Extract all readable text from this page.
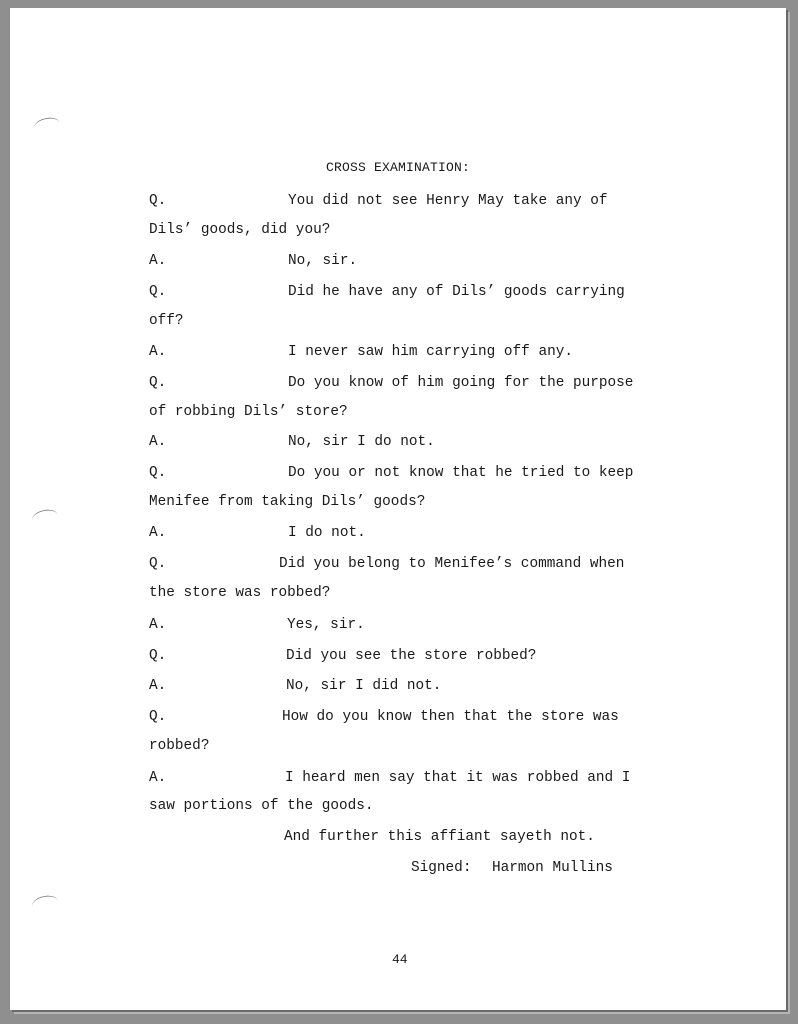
CROSS EXAMINATION:
Q.	You did not see Henry May take any of
Dils’ goods, did you?
A.	No, sir.
Q.	Did he have any of Dils’ goods carrying
off?
A.	I never saw him carrying off any.
Q.	Do you know of him going for the purpose
of robbing Dils’ store?
A.	No, sir I do not.
Q.	Do you or not know that he tried to keep
Menifee from taking Dils’ goods?
A.	I do not.
Q.	Did you belong to Menifee’s command when
the store was robbed?
A.	Yes, sir.
Q.	Did you see the store robbed?
A.	No, sir I did not.
Q.	How do you know then that the store was
robbed?
A.	I heard men say that it was robbed and I
saw portions of the goods.
And further this affiant sayeth not.
Signed: Harmon Mullins
44
